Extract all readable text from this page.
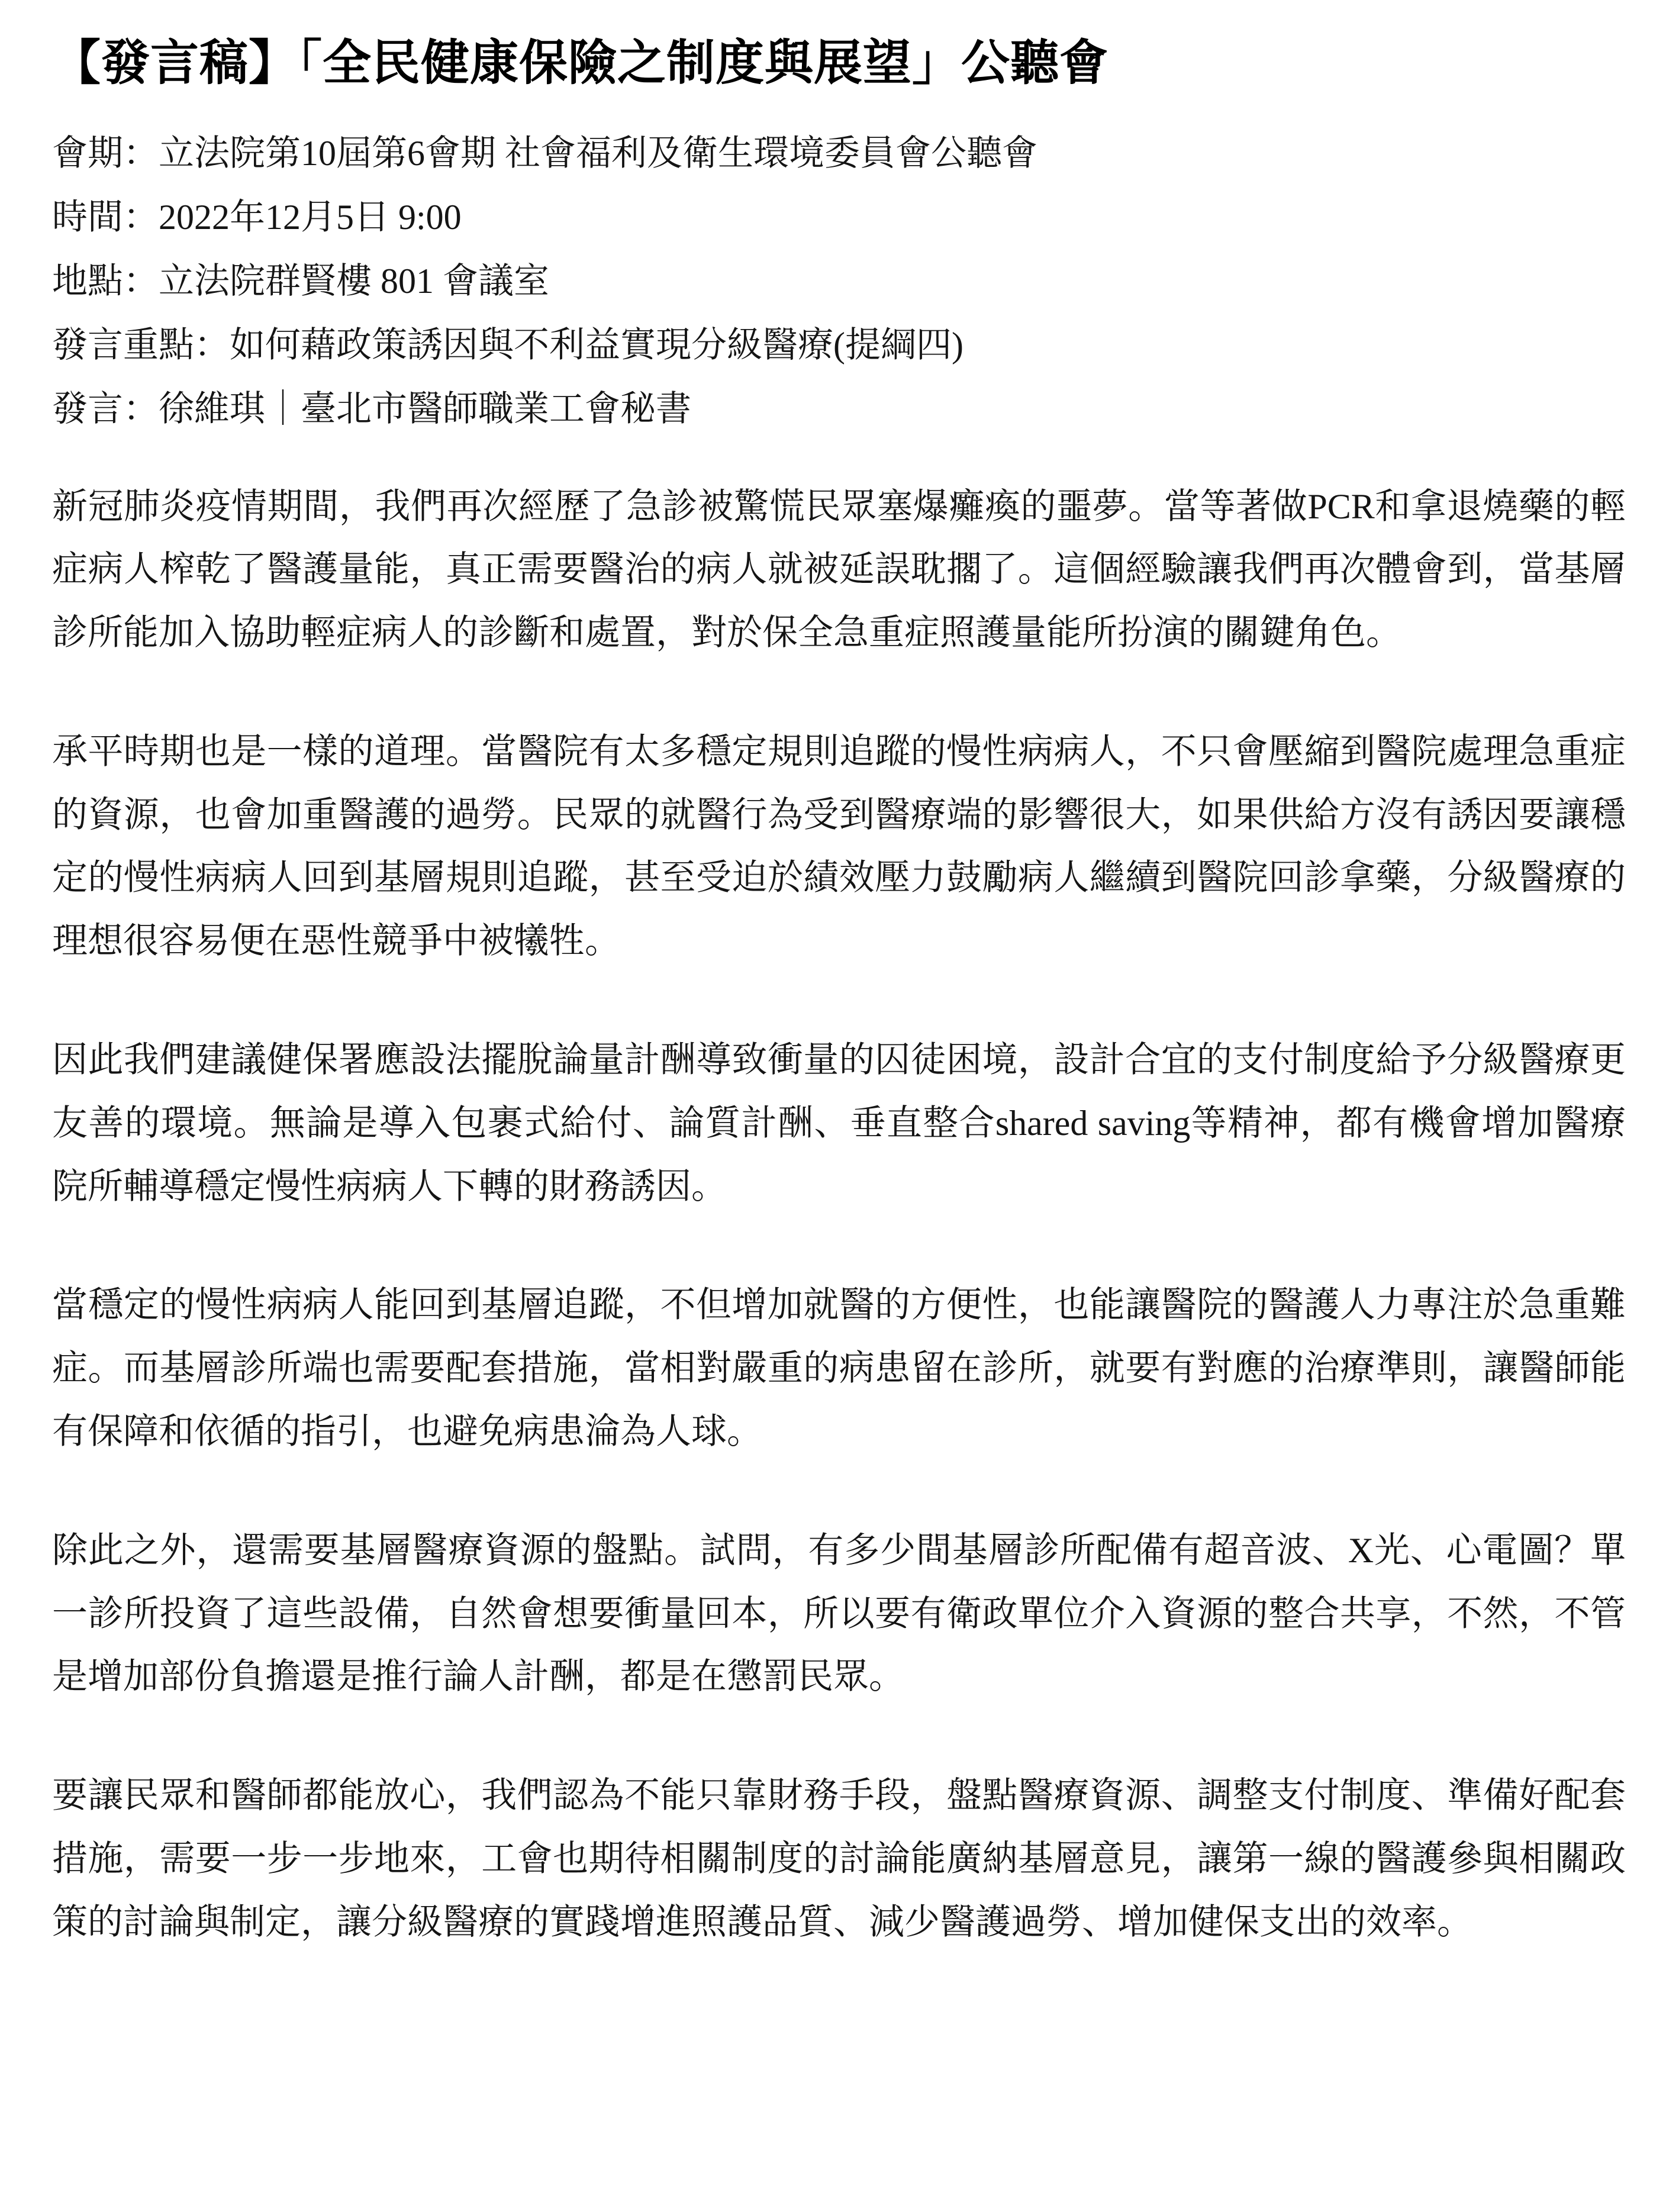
【發言稿】「全民健康保險之制度與展望」公聽會
會期：立法院第10屆第6會期 社會福利及衛生環境委員會公聽會
時間：2022年12月5日 9:00
地點：立法院群賢樓 801 會議室
發言重點：如何藉政策誘因與不利益實現分級醫療(提綱四)
發言：徐維琪｜臺北市醫師職業工會秘書

新冠肺炎疫情期間，我們再次經歷了急診被驚慌民眾塞爆癱瘓的噩夢。當等著做PCR和拿退燒藥的輕症病人榨乾了醫護量能，真正需要醫治的病人就被延誤耽擱了。這個經驗讓我們再次體會到，當基層診所能加入協助輕症病人的診斷和處置，對於保全急重症照護量能所扮演的關鍵角色。

承平時期也是一樣的道理。當醫院有太多穩定規則追蹤的慢性病病人，不只會壓縮到醫院處理急重症的資源，也會加重醫護的過勞。民眾的就醫行為受到醫療端的影響很大，如果供給方沒有誘因要讓穩定的慢性病病人回到基層規則追蹤，甚至受迫於績效壓力鼓勵病人繼續到醫院回診拿藥，分級醫療的理想很容易便在惡性競爭中被犧牲。

因此我們建議健保署應設法擺脫論量計酬導致衝量的囚徒困境，設計合宜的支付制度給予分級醫療更友善的環境。無論是導入包裹式給付、論質計酬、垂直整合shared saving等精神，都有機會增加醫療院所輔導穩定慢性病病人下轉的財務誘因。

當穩定的慢性病病人能回到基層追蹤，不但增加就醫的方便性，也能讓醫院的醫護人力專注於急重難症。而基層診所端也需要配套措施，當相對嚴重的病患留在診所，就要有對應的治療準則，讓醫師能有保障和依循的指引，也避免病患淪為人球。

除此之外，還需要基層醫療資源的盤點。試問，有多少間基層診所配備有超音波、X光、心電圖？單一診所投資了這些設備，自然會想要衝量回本，所以要有衛政單位介入資源的整合共享，不然，不管是增加部份負擔還是推行論人計酬，都是在懲罰民眾。

要讓民眾和醫師都能放心，我們認為不能只靠財務手段，盤點醫療資源、調整支付制度、準備好配套措施，需要一步一步地來，工會也期待相關制度的討論能廣納基層意見，讓第一線的醫護參與相關政策的討論與制定，讓分級醫療的實踐增進照護品質、減少醫護過勞、增加健保支出的效率。
